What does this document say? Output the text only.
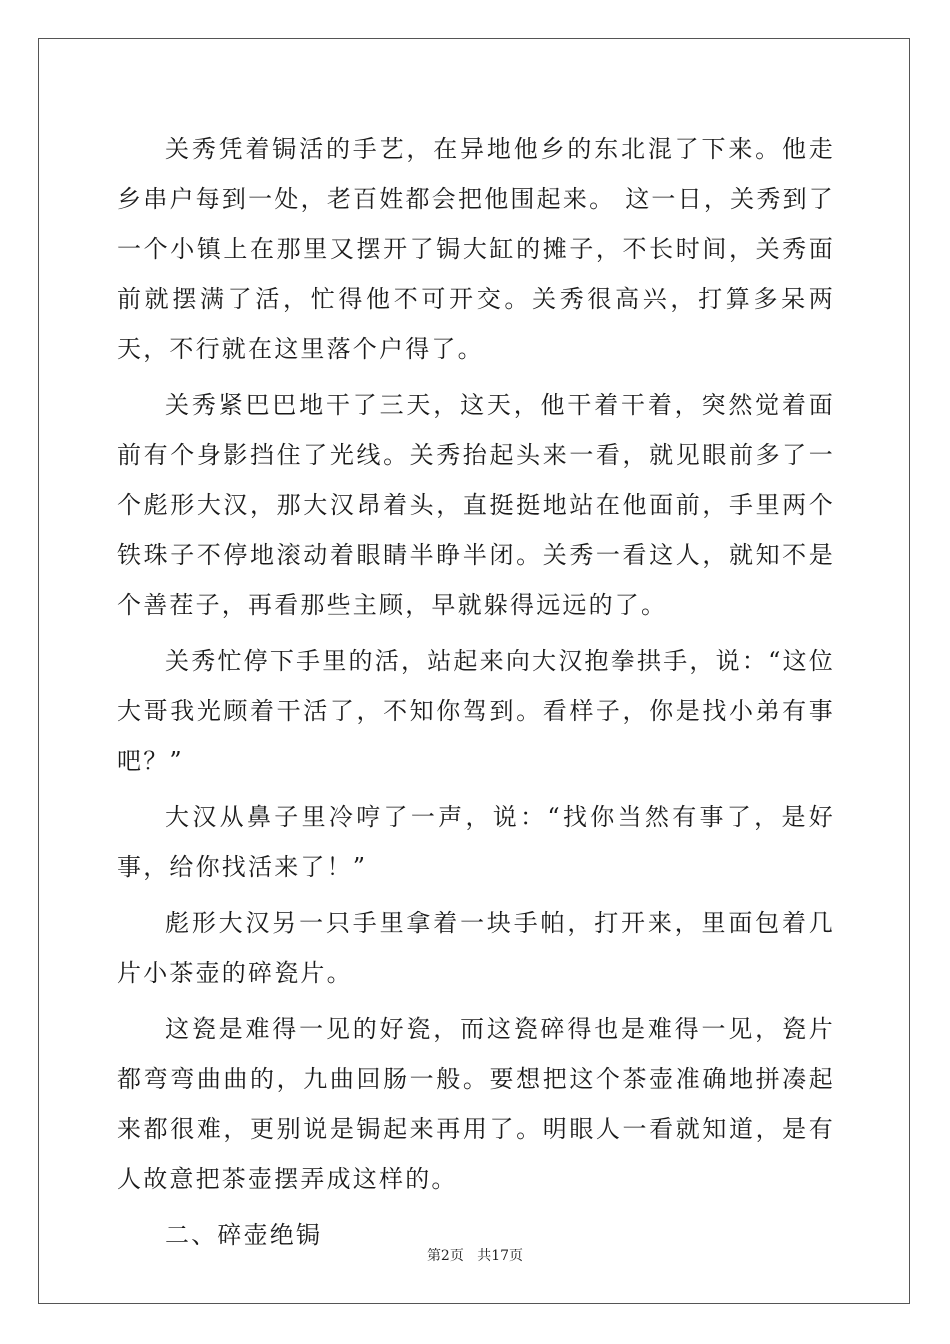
关秀凭着锔活的手艺，在异地他乡的东北混了下来。他走乡串户每到一处，老百姓都会把他围起来。 这一日，关秀到了一个小镇上在那里又摆开了锔大缸的摊子，不长时间，关秀面前就摆满了活，忙得他不可开交。关秀很高兴，打算多呆两天，不行就在这里落个户得了。

关秀紧巴巴地干了三天，这天，他干着干着，突然觉着面前有个身影挡住了光线。关秀抬起头来一看，就见眼前多了一个彪形大汉，那大汉昂着头，直挺挺地站在他面前，手里两个铁珠子不停地滚动着眼睛半睁半闭。关秀一看这人，就知不是个善茬子，再看那些主顾，早就躲得远远的了。

关秀忙停下手里的活，站起来向大汉抱拳拱手，说：“这位大哥我光顾着干活了，不知你驾到。看样子，你是找小弟有事吧？”

大汉从鼻子里冷哼了一声，说：“找你当然有事了，是好事，给你找活来了！”

彪形大汉另一只手里拿着一块手帕，打开来，里面包着几片小茶壶的碎瓷片。

这瓷是难得一见的好瓷，而这瓷碎得也是难得一见，瓷片都弯弯曲曲的，九曲回肠一般。要想把这个茶壶准确地拼凑起来都很难，更别说是锔起来再用了。明眼人一看就知道，是有人故意把茶壶摆弄成这样的。

二、碎壶绝锔

第2页 共17页
